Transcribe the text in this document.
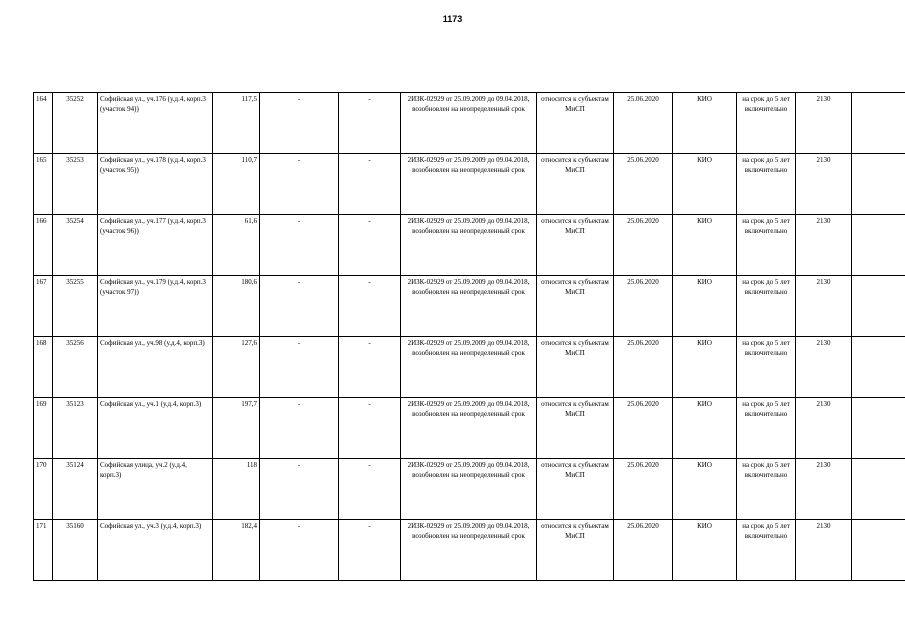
1173
164	35252	Софийская ул., уч.176 (у.д.4, корп.3 (участок 94))	117,5	-	-	2ИЗК-02929 от 25.09.2009 до 09.04.2018, возобновлен на неопределенный срок	относится к субъектам МиСП	25.06.2020	КИО	на срок до 5 лет включительно	2130	
165	35253	Софийская ул., уч.178 (у.д.4, корп.3 (участок 95))	110,7	-	-	2ИЗК-02929 от 25.09.2009 до 09.04.2018, возобновлен на неопределенный срок	относится к субъектам МиСП	25.06.2020	КИО	на срок до 5 лет включительно	2130	
166	35254	Софийская ул., уч.177 (у.д.4, корп.3 (участок 96))	61,6	-	-	2ИЗК-02929 от 25.09.2009 до 09.04.2018, возобновлен на неопределенный срок	относится к субъектам МиСП	25.06.2020	КИО	на срок до 5 лет включительно	2130	
167	35255	Софийская ул., уч.179 (у.д.4, корп.3 (участок 97))	180,6	-	-	2ИЗК-02929 от 25.09.2009 до 09.04.2018, возобновлен на неопределенный срок	относится к субъектам МиСП	25.06.2020	КИО	на срок до 5 лет включительно	2130	
168	35256	Софийская ул., уч.98 (у.д.4, корп.3)	127,6	-	-	2ИЗК-02929 от 25.09.2009 до 09.04.2018, возобновлен на неопределенный срок	относится к субъектам МиСП	25.06.2020	КИО	на срок до 5 лет включительно	2130	
169	35123	Софийская ул., уч.1 (у.д.4, корп.3)	197,7	-	-	2ИЗК-02929 от 25.09.2009 до 09.04.2018, возобновлен на неопределенный срок	относится к субъектам МиСП	25.06.2020	КИО	на срок до 5 лет включительно	2130	
170	35124	Софийская улица, уч.2 (у.д.4, корп.3)	118	-	-	2ИЗК-02929 от 25.09.2009 до 09.04.2018, возобновлен на неопределенный срок	относится к субъектам МиСП	25.06.2020	КИО	на срок до 5 лет включительно	2130	
171	35160	Софийская ул., уч.3 (у.д.4, корп.3)	182,4	-	-	2ИЗК-02929 от 25.09.2009 до 09.04.2018, возобновлен на неопределенный срок	относится к субъектам МиСП	25.06.2020	КИО	на срок до 5 лет включительно	2130	
